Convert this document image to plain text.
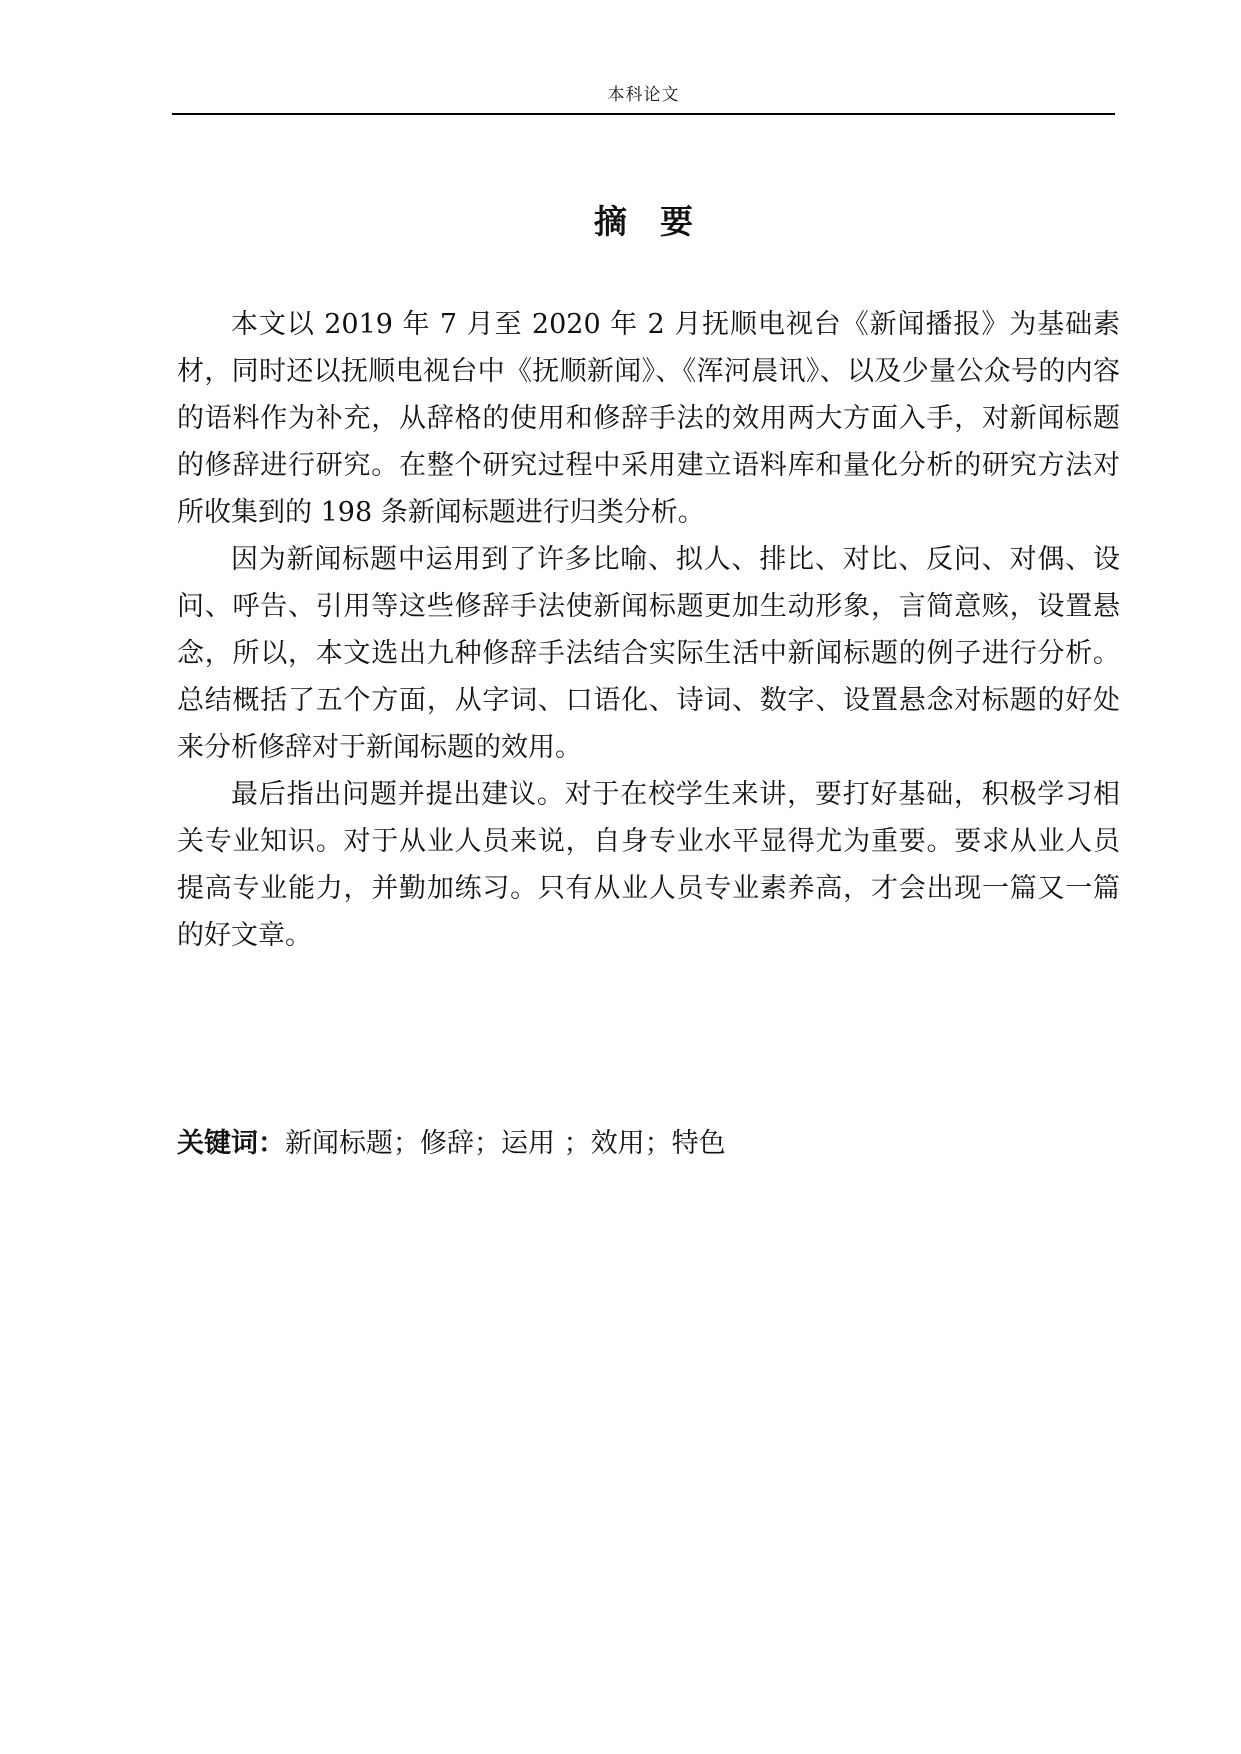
本科论文
摘　要

本文以 2019 年 7 月至 2020 年 2 月抚顺电视台《新闻播报》为基础素材，同时还以抚顺电视台中《抚顺新闻》、《浑河晨讯》、以及少量公众号的内容的语料作为补充，从辞格的使用和修辞手法的效用两大方面入手，对新闻标题的修辞进行研究。在整个研究过程中采用建立语料库和量化分析的研究方法对所收集到的 198 条新闻标题进行归类分析。

因为新闻标题中运用到了许多比喻、拟人、排比、对比、反问、对偶、设问、呼告、引用等这些修辞手法使新闻标题更加生动形象，言简意赅，设置悬念，所以，本文选出九种修辞手法结合实际生活中新闻标题的例子进行分析。总结概括了五个方面，从字词、口语化、诗词、数字、设置悬念对标题的好处来分析修辞对于新闻标题的效用。

最后指出问题并提出建议。对于在校学生来讲，要打好基础，积极学习相关专业知识。对于从业人员来说，自身专业水平显得尤为重要。要求从业人员提高专业能力，并勤加练习。只有从业人员专业素养高，才会出现一篇又一篇的好文章。

关键词：新闻标题；修辞；运用 ；效用；特色
